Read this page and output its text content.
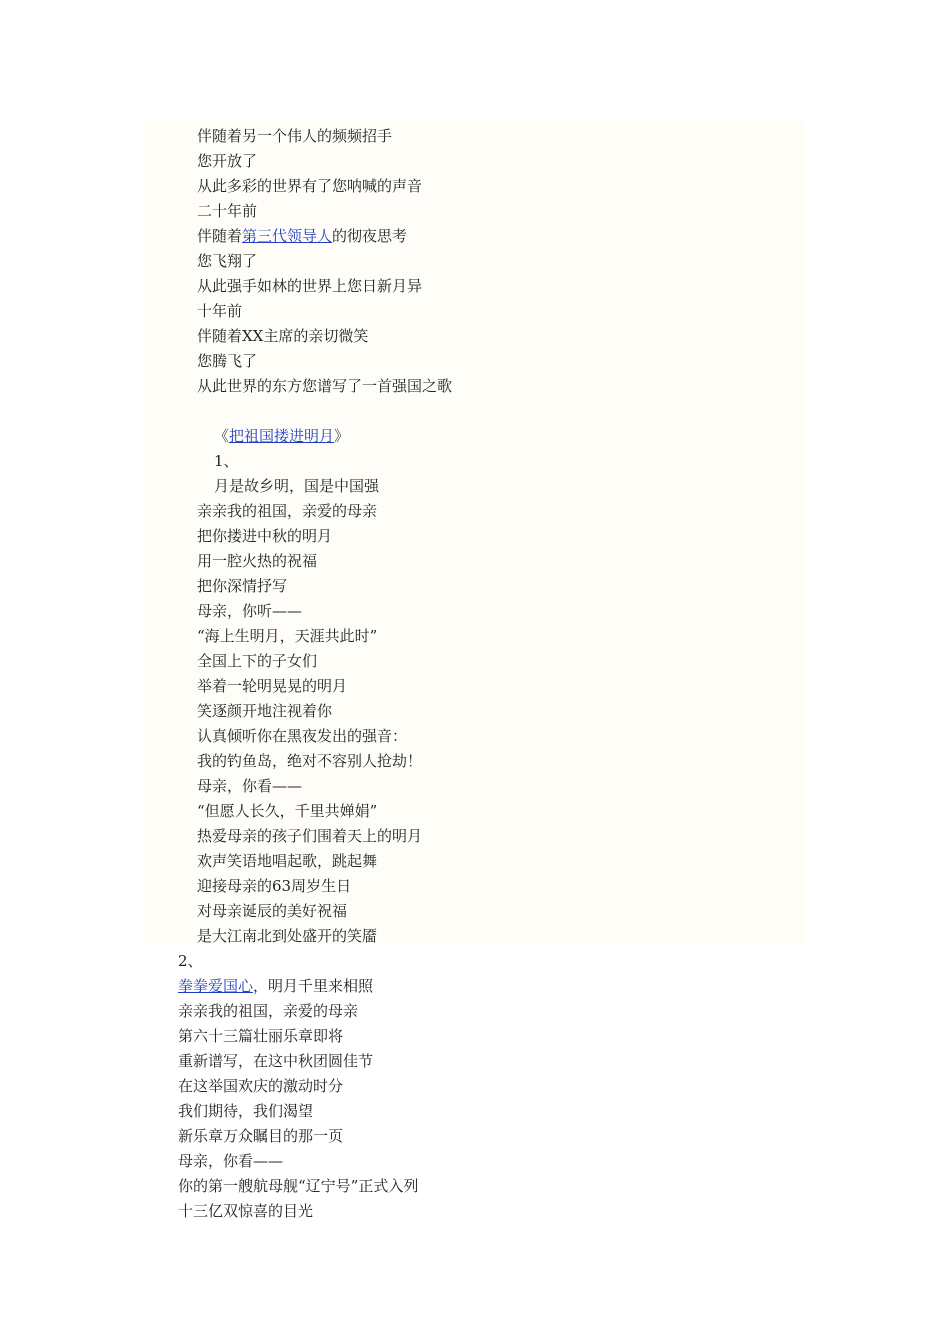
伴随着另一个伟人的频频招手
您开放了
从此多彩的世界有了您呐喊的声音
二十年前
伴随着第三代领导人的彻夜思考
您飞翔了
从此强手如林的世界上您日新月异
十年前
伴随着XX主席的亲切微笑
您腾飞了
从此世界的东方您谱写了一首强国之歌
《把祖国搂进明月》
1、
月是故乡明，国是中国强
亲亲我的祖国，亲爱的母亲
把你搂进中秋的明月
用一腔火热的祝福
把你深情抒写
母亲，你听——
“海上生明月，天涯共此时”
全国上下的子女们
举着一轮明晃晃的明月
笑逐颜开地注视着你
认真倾听你在黑夜发出的强音：
我的钓鱼岛，绝对不容别人抢劫！
母亲，你看——
“但愿人长久，千里共婵娟”
热爱母亲的孩子们围着天上的明月
欢声笑语地唱起歌，跳起舞
迎接母亲的63周岁生日
对母亲诞辰的美好祝福
是大江南北到处盛开的笑靥
2、
拳拳爱国心，明月千里来相照
亲亲我的祖国，亲爱的母亲
第六十三篇壮丽乐章即将
重新谱写，在这中秋团圆佳节
在这举国欢庆的激动时分
我们期待，我们渴望
新乐章万众瞩目的那一页
母亲，你看——
你的第一艘航母舰“辽宁号”正式入列
十三亿双惊喜的目光
